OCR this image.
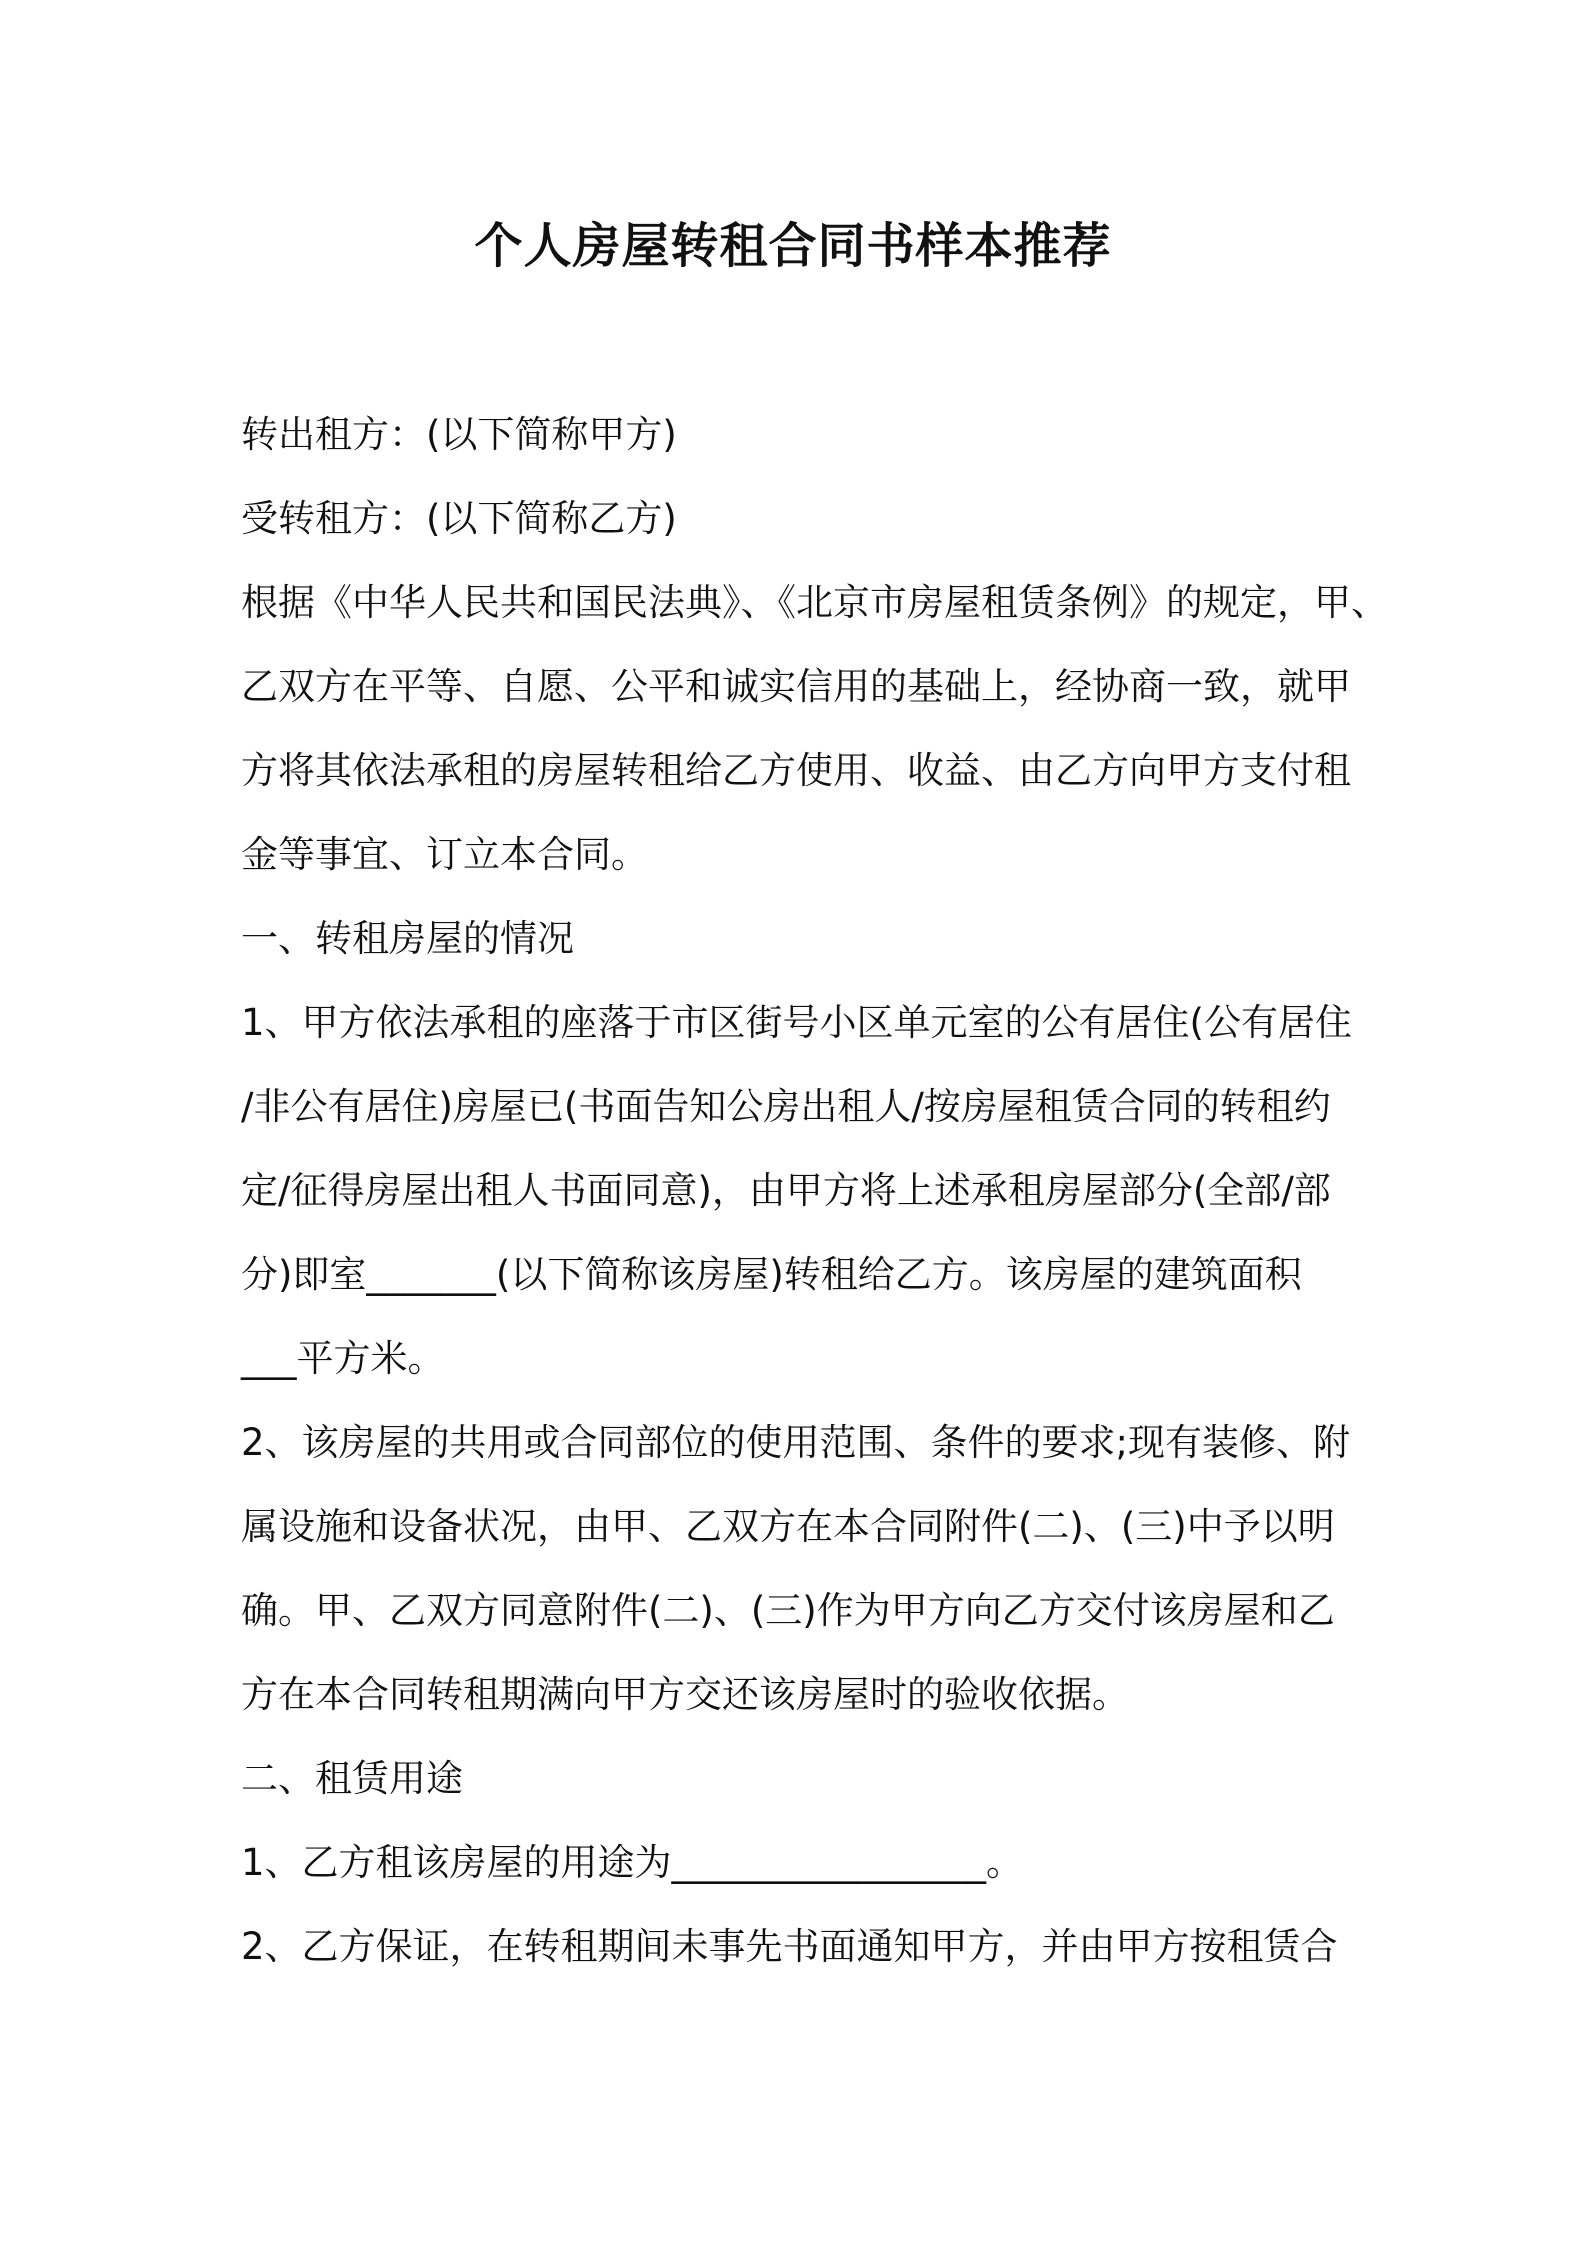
个人房屋转租合同书样本推荐

转出租方：(以下简称甲方)

受转租方：(以下简称乙方)

根据《中华人民共和国民法典》、《北京市房屋租赁条例》的规定，甲、

乙双方在平等、自愿、公平和诚实信用的基础上，经协商一致，就甲

方将其依法承租的房屋转租给乙方使用、收益、由乙方向甲方支付租

金等事宜、订立本合同。

一、转租房屋的情况

1、甲方依法承租的座落于市区街号小区单元室的公有居住(公有居住

/非公有居住)房屋已(书面告知公房出租人/按房屋租赁合同的转租约

定/征得房屋出租人书面同意)，由甲方将上述承租房屋部分(全部/部

分)即室_______(以下简称该房屋)转租给乙方。该房屋的建筑面积

___平方米。

2、该房屋的共用或合同部位的使用范围、条件的要求;现有装修、附

属设施和设备状况，由甲、乙双方在本合同附件(二)、(三)中予以明

确。甲、乙双方同意附件(二)、(三)作为甲方向乙方交付该房屋和乙

方在本合同转租期满向甲方交还该房屋时的验收依据。

二、租赁用途

1、乙方租该房屋的用途为_________________。

2、乙方保证，在转租期间未事先书面通知甲方，并由甲方按租赁合
